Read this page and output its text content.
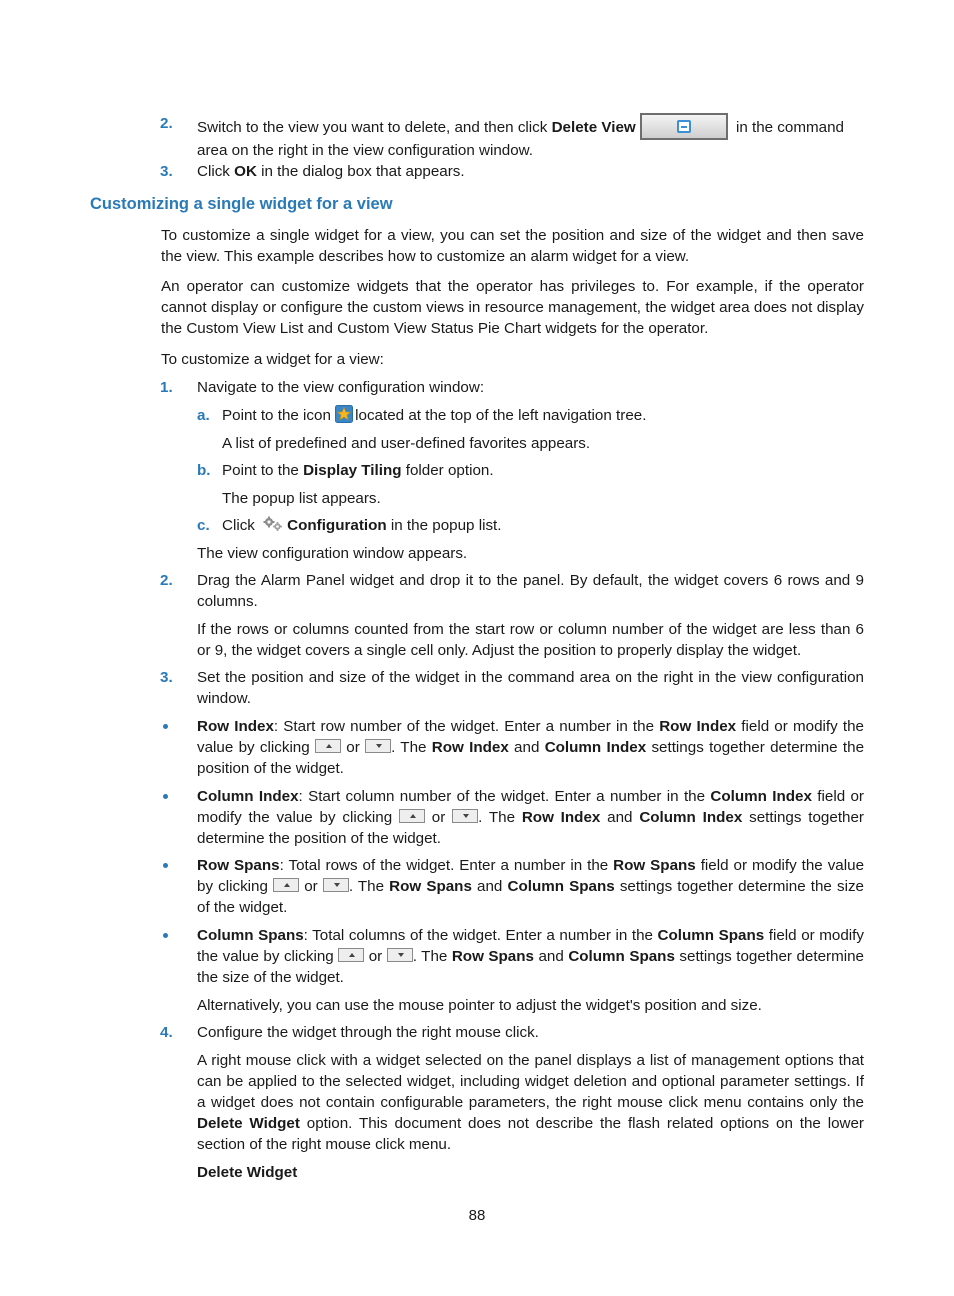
2. Switch to the view you want to delete, and then click Delete View	in the command
area on the right in the view configuration window.
3. Click OK in the dialog box that appears.
Customizing a single widget for a view
To customize a single widget for a view, you can set the position and size of the widget and then save the view. This example describes how to customize an alarm widget for a view.
An operator can customize widgets that the operator has privileges to. For example, if the operator cannot display or configure the custom views in resource management, the widget area does not display the Custom View List and Custom View Status Pie Chart widgets for the operator.
To customize a widget for a view:
1. Navigate to the view configuration window:
a. Point to the icon located at the top of the left navigation tree.
A list of predefined and user-defined favorites appears.
b. Point to the Display Tiling folder option.
The popup list appears.
c. Click Configuration in the popup list.
The view configuration window appears.
2. Drag the Alarm Panel widget and drop it to the panel. By default, the widget covers 6 rows and 9 columns.
If the rows or columns counted from the start row or column number of the widget are less than 6 or 9, the widget covers a single cell only. Adjust the position to properly display the widget.
3. Set the position and size of the widget in the command area on the right in the view configuration window.
Row Index: Start row number of the widget. Enter a number in the Row Index field or modify the value by clicking  or . The Row Index and Column Index settings together determine the position of the widget.
Column Index: Start column number of the widget. Enter a number in the Column Index field or modify the value by clicking  or . The Row Index and Column Index settings together determine the position of the widget.
Row Spans: Total rows of the widget. Enter a number in the Row Spans field or modify the value by clicking  or . The Row Spans and Column Spans settings together determine the size of the widget.
Column Spans: Total columns of the widget. Enter a number in the Column Spans field or modify the value by clicking  or . The Row Spans and Column Spans settings together determine the size of the widget.
Alternatively, you can use the mouse pointer to adjust the widget's position and size.
4. Configure the widget through the right mouse click.
A right mouse click with a widget selected on the panel displays a list of management options that can be applied to the selected widget, including widget deletion and optional parameter settings. If a widget does not contain configurable parameters, the right mouse click menu contains only the Delete Widget option. This document does not describe the flash related options on the lower section of the right mouse click menu.
Delete Widget
88
